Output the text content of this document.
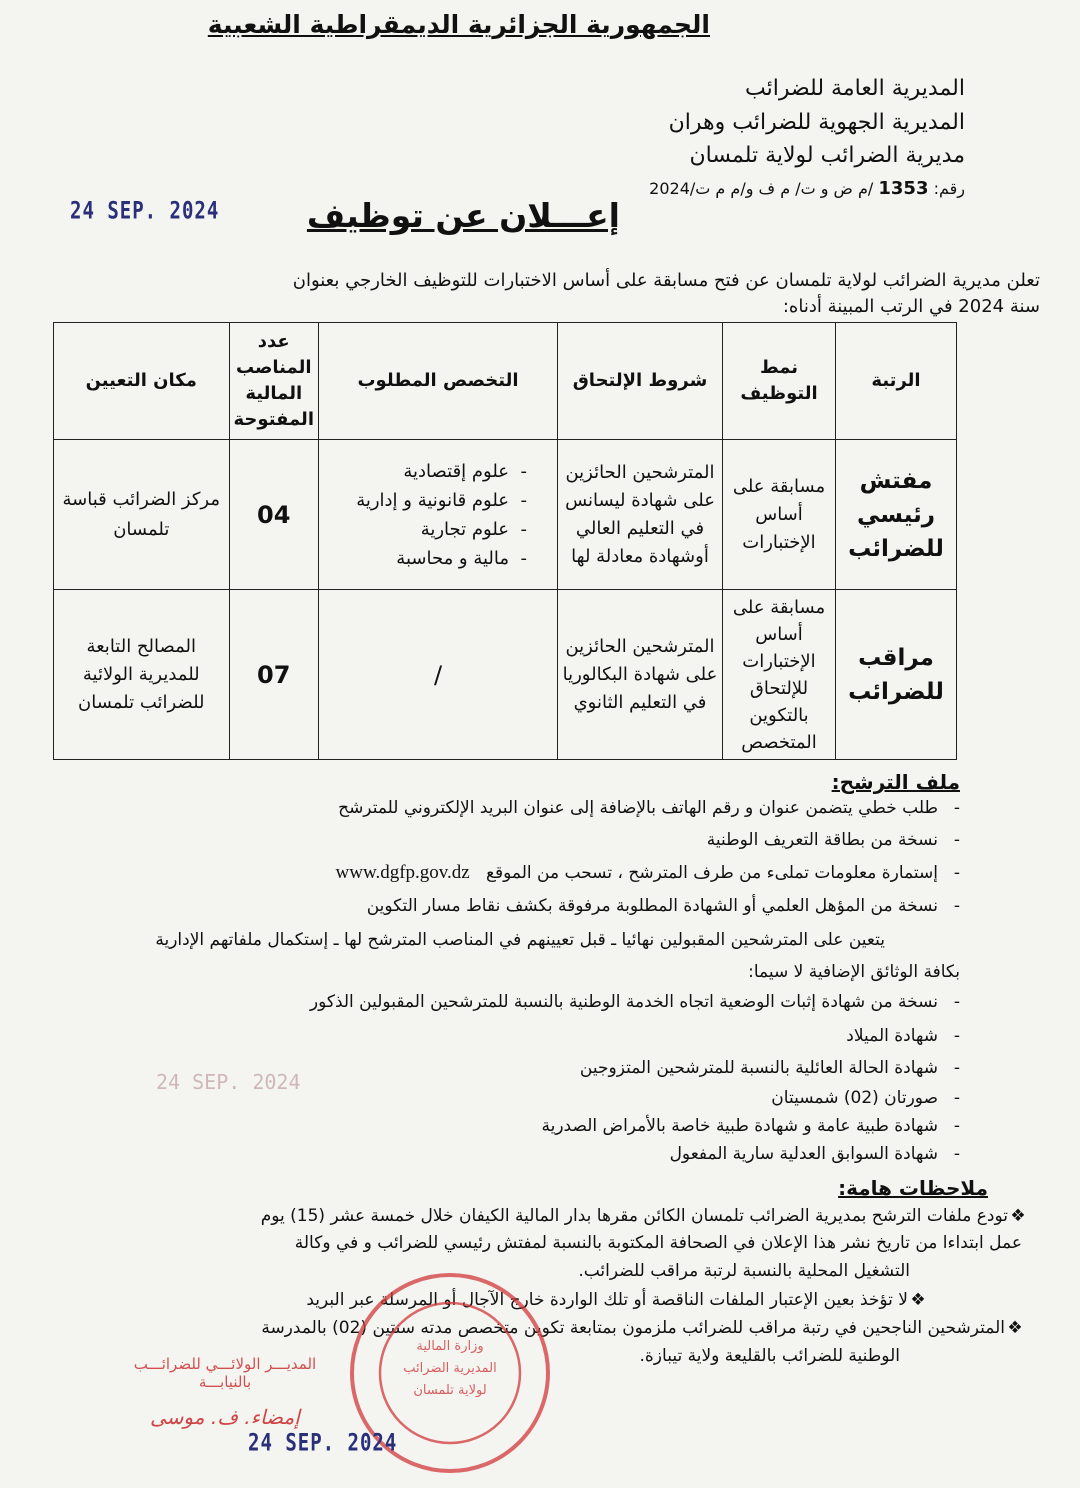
الجمهورية الجزائرية الديمقراطية الشعبية
المديرية العامة للضرائب
المديرية الجهوية للضرائب وهران
مديرية الضرائب لولاية تلمسان
رقم: 1353 /م ض و ت/ م ف و/م م ت/2024
24 SEP. 2024	إعـــلان عن توظيف
تعلن مديرية الضرائب لولاية تلمسان عن فتح مسابقة على أساس الاختبارات للتوظيف الخارجي بعنوان
سنة 2024 في الرتب المبينة أدناه:
الرتبة	نمط التوظيف	شروط الإلتحاق	التخصص المطلوب	عدد المناصب المالية المفتوحة	مكان التعيين
مفتش رئيسي للضرائب	مسابقة على أساس الإختبارات	المترشحين الحائزين على شهادة ليسانس في التعليم العالي أوشهادة معادلة لها	-  علوم إقتصادية
-  علوم قانونية و إدارية
-  علوم تجارية
-  مالية و محاسبة	04	مركز الضرائب قباسة تلمسان
مراقب للضرائب	مسابقة على أساس الإختبارات للإلتحاق بالتكوين المتخصص	المترشحين الحائزين على شهادة البكالوريا في التعليم الثانوي	/	07	المصالح التابعة للمديرية الولائية للضرائب تلمسان
ملف الترشح:
-طلب خطي يتضمن عنوان و رقم الهاتف بالإضافة إلى عنوان البريد الإلكتروني للمترشح
-نسخة من بطاقة التعريف الوطنية
-إستمارة معلومات تملىء من طرف المترشح ، تسحب من الموقع   www.dgfp.gov.dz
-نسخة من المؤهل العلمي أو الشهادة المطلوبة مرفوقة بكشف نقاط مسار التكوين
يتعين على المترشحين المقبولين نهائيا ـ قبل تعيينهم في المناصب المترشح لها ـ إستكمال ملفاتهم الإدارية
بكافة الوثائق الإضافية لا سيما:
-نسخة من شهادة إثبات الوضعية اتجاه الخدمة الوطنية بالنسبة للمترشحين المقبولين الذكور
-شهادة الميلاد
-شهادة الحالة العائلية بالنسبة للمترشحين المتزوجين
-صورتان (02) شمسيتان
-شهادة طبية عامة و شهادة طبية خاصة بالأمراض الصدرية
-شهادة السوابق العدلية سارية المفعول
24 SEP. 2024
ملاحظات هامة:
❖تودع ملفات الترشح بمديرية الضرائب تلمسان الكائن مقرها بدار المالية الكيفان خلال خمسة عشر (15) يوم
عمل ابتداءا من تاريخ نشر هذا الإعلان في الصحافة المكتوبة بالنسبة لمفتش رئيسي للضرائب و في وكالة
التشغيل المحلية بالنسبة لرتبة مراقب للضرائب.
❖لا تؤخذ بعين الإعتبار الملفات الناقصة أو تلك الواردة خارج الآجال أو المرسلة عبر البريد
❖المترشحين الناجحين في رتبة مراقب للضرائب ملزمون بمتابعة تكوين متخصص مدته سنتين (02) بالمدرسة
الوطنية للضرائب بالقليعة ولاية تيبازة.
وزارة المالية
المديرية الضرائب
لولاية تلمسان
المديـــر الولائـــي للضرائـــب
بالنيابـــة
إمضاء. ف. موسى
24 SEP. 2024
